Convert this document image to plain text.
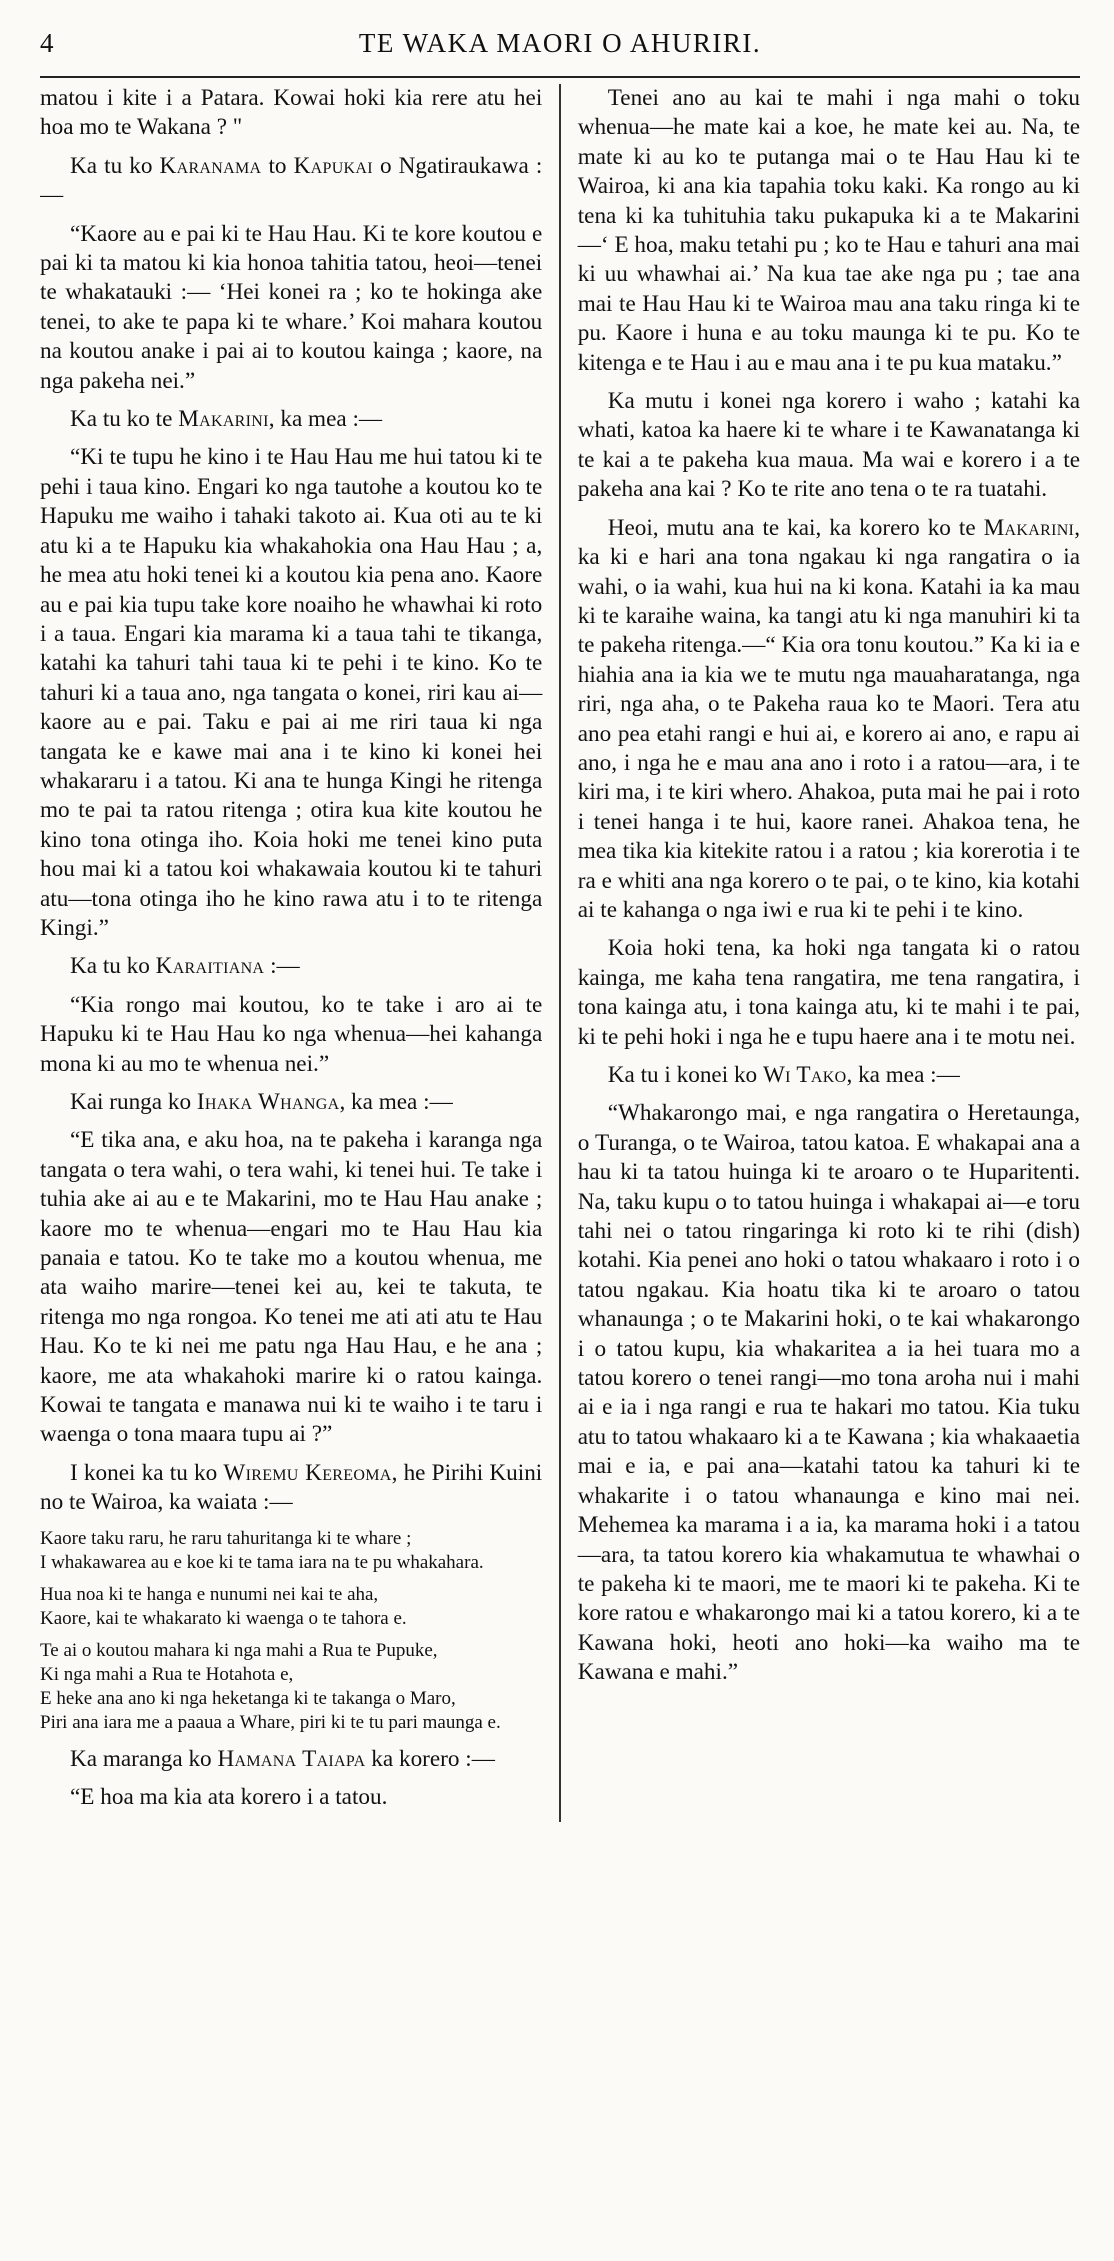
4	TE WAKA MAORI O AHURIRI.

matou i kite i a Patara. Kowai hoki kia rere atu hei hoa mo te Wakana ? "

Ka tu ko Karanama to Kapukai o Ngatiraukawa :—

“Kaore au e pai ki te Hau Hau. Ki te kore koutou e pai ki ta matou ki kia honoa tahitia tatou, heoi—tenei te whakatauki :— ‘Hei konei ra ; ko te hokinga ake tenei, to ake te papa ki te whare.’ Koi mahara koutou na koutou anake i pai ai to koutou kainga ; kaore, na nga pakeha nei.”

Ka tu ko te Makarini, ka mea :—

“Ki te tupu he kino i te Hau Hau me hui tatou ki te pehi i taua kino. Engari ko nga tautohe a koutou ko te Hapuku me waiho i tahaki takoto ai. Kua oti au te ki atu ki a te Hapuku kia whakahokia ona Hau Hau ; a, he mea atu hoki tenei ki a koutou kia pena ano. Kaore au e pai kia tupu take kore noaiho he whawhai ki roto i a taua. Engari kia marama ki a taua tahi te tikanga, katahi ka tahuri tahi taua ki te pehi i te kino. Ko te tahuri ki a taua ano, nga tangata o konei, riri kau ai—kaore au e pai. Taku e pai ai me riri taua ki nga tangata ke e kawe mai ana i te kino ki konei hei whakararu i a tatou. Ki ana te hunga Kingi he ritenga mo te pai ta ratou ritenga ; otira kua kite koutou he kino tona otinga iho. Koia hoki me tenei kino puta hou mai ki a tatou koi whakawaia koutou ki te tahuri atu—tona otinga iho he kino rawa atu i to te ritenga Kingi.”

Ka tu ko Karaitiana :—

“Kia rongo mai koutou, ko te take i aro ai te Hapuku ki te Hau Hau ko nga whenua—hei kahanga mona ki au mo te whenua nei.”

Kai runga ko Ihaka Whanga, ka mea :—

“E tika ana, e aku hoa, na te pakeha i karanga nga tangata o tera wahi, o tera wahi, ki tenei hui. Te take i tuhia ake ai au e te Makarini, mo te Hau Hau anake ; kaore mo te whenua—engari mo te Hau Hau kia panaia e tatou. Ko te take mo a koutou whenua, me ata waiho marire—tenei kei au, kei te takuta, te ritenga mo nga rongoa. Ko tenei me ati ati atu te Hau Hau. Ko te ki nei me patu nga Hau Hau, e he ana ; kaore, me ata whakahoki marire ki o ratou kainga. Kowai te tangata e manawa nui ki te waiho i te taru i waenga o tona maara tupu ai ?”

I konei ka tu ko Wiremu Kereoma, he Pirihi Kuini no te Wairoa, ka waiata :—

Kaore taku raru, he raru tahuritanga ki te whare ;
I whakawarea au e koe ki te tama iara na te pu whakahara.
Hua noa ki te hanga e nunumi nei kai te aha,
Kaore, kai te whakarato ki waenga o te tahora e.
Te ai o koutou mahara ki nga mahi a Rua te Pupuke,
Ki nga mahi a Rua te Hotahota e,
E heke ana ano ki nga heketanga ki te takanga o Maro,
Piri ana iara me a paaua a Whare, piri ki te tu pari maunga e.

Ka maranga ko Hamana Taiapa ka korero :—

“E hoa ma kia ata korero i a tatou.

Tenei ano au kai te mahi i nga mahi o toku whenua—he mate kai a koe, he mate kei au. Na, te mate ki au ko te putanga mai o te Hau Hau ki te Wairoa, ki ana kia tapahia toku kaki. Ka rongo au ki tena ki ka tuhituhia taku pukapuka ki a te Makarini—‘ E hoa, maku tetahi pu ; ko te Hau e tahuri ana mai ki uu whawhai ai.’ Na kua tae ake nga pu ; tae ana mai te Hau Hau ki te Wairoa mau ana taku ringa ki te pu. Kaore i huna e au toku maunga ki te pu. Ko te kitenga e te Hau i au e mau ana i te pu kua mataku.”

Ka mutu i konei nga korero i waho ; katahi ka whati, katoa ka haere ki te whare i te Kawanatanga ki te kai a te pakeha kua maua. Ma wai e korero i a te pakeha ana kai ? Ko te rite ano tena o te ra tuatahi.

Heoi, mutu ana te kai, ka korero ko te Makarini, ka ki e hari ana tona ngakau ki nga rangatira o ia wahi, o ia wahi, kua hui na ki kona. Katahi ia ka mau ki te karaihe waina, ka tangi atu ki nga manuhiri ki ta te pakeha ritenga.—“ Kia ora tonu koutou.” Ka ki ia e hiahia ana ia kia we te mutu nga mauaharatanga, nga riri, nga aha, o te Pakeha raua ko te Maori. Tera atu ano pea etahi rangi e hui ai, e korero ai ano, e rapu ai ano, i nga he e mau ana ano i roto i a ratou—ara, i te kiri ma, i te kiri whero. Ahakoa, puta mai he pai i roto i tenei hanga i te hui, kaore ranei. Ahakoa tena, he mea tika kia kitekite ratou i a ratou ; kia korerotia i te ra e whiti ana nga korero o te pai, o te kino, kia kotahi ai te kahanga o nga iwi e rua ki te pehi i te kino.

Koia hoki tena, ka hoki nga tangata ki o ratou kainga, me kaha tena rangatira, me tena rangatira, i tona kainga atu, i tona kainga atu, ki te mahi i te pai, ki te pehi hoki i nga he e tupu haere ana i te motu nei.

Ka tu i konei ko Wi Tako, ka mea :—

“Whakarongo mai, e nga rangatira o Heretaunga, o Turanga, o te Wairoa, tatou katoa. E whakapai ana a hau ki ta tatou huinga ki te aroaro o te Huparitenti. Na, taku kupu o to tatou huinga i whakapai ai—e toru tahi nei o tatou ringaringa ki roto ki te rihi (dish) kotahi. Kia penei ano hoki o tatou whakaaro i roto i o tatou ngakau. Kia hoatu tika ki te aroaro o tatou whanaunga ; o te Makarini hoki, o te kai whakarongo i o tatou kupu, kia whakaritea a ia hei tuara mo a tatou korero o tenei rangi—mo tona aroha nui i mahi ai e ia i nga rangi e rua te hakari mo tatou. Kia tuku atu to tatou whakaaro ki a te Kawana ; kia whakaaetia mai e ia, e pai ana—katahi tatou ka tahuri ki te whakarite i o tatou whanaunga e kino mai nei. Mehemea ka marama i a ia, ka marama hoki i a tatou—ara, ta tatou korero kia whakamutua te whawhai o te pakeha ki te maori, me te maori ki te pakeha. Ki te kore ratou e whakarongo mai ki a tatou korero, ki a te Kawana hoki, heoti ano hoki—ka waiho ma te Kawana e mahi.”
